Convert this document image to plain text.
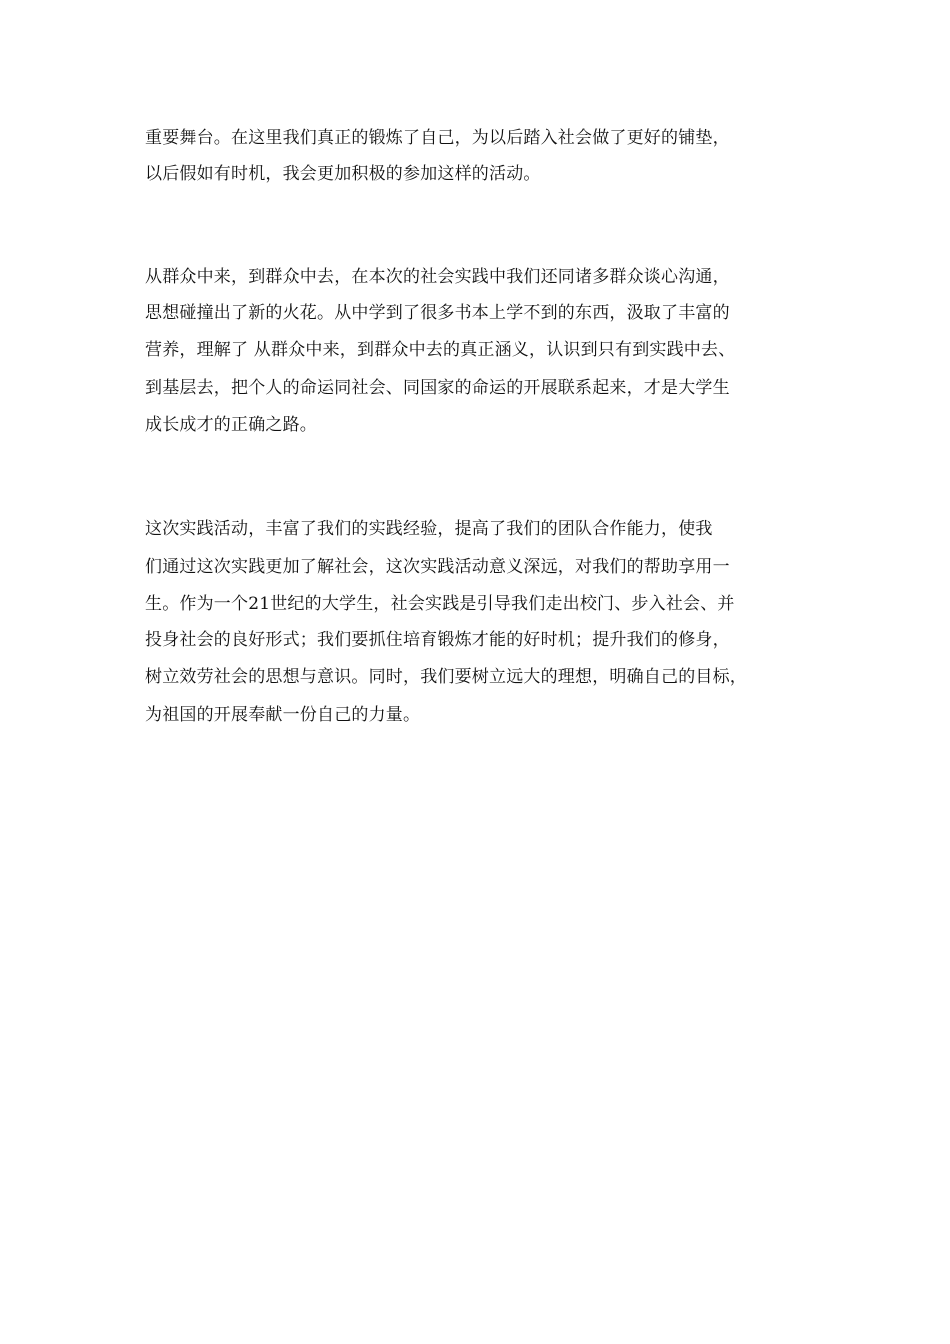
重要舞台。在这里我们真正的锻炼了自己，为以后踏入社会做了更好的铺垫，
以后假如有时机，我会更加积极的参加这样的活动。
从群众中来，到群众中去，在本次的社会实践中我们还同诸多群众谈心沟通，
思想碰撞出了新的火花。从中学到了很多书本上学不到的东西，汲取了丰富的
营养，理解了 从群众中来，到群众中去的真正涵义，认识到只有到实践中去、
到基层去，把个人的命运同社会、同国家的命运的开展联系起来，才是大学生
成长成才的正确之路。
这次实践活动，丰富了我们的实践经验，提高了我们的团队合作能力，使我
们通过这次实践更加了解社会，这次实践活动意义深远，对我们的帮助享用一
生。作为一个21世纪的大学生，社会实践是引导我们走出校门、步入社会、并
投身社会的良好形式；我们要抓住培育锻炼才能的好时机；提升我们的修身，
树立效劳社会的思想与意识。同时，我们要树立远大的理想，明确自己的目标，
为祖国的开展奉献一份自己的力量。
